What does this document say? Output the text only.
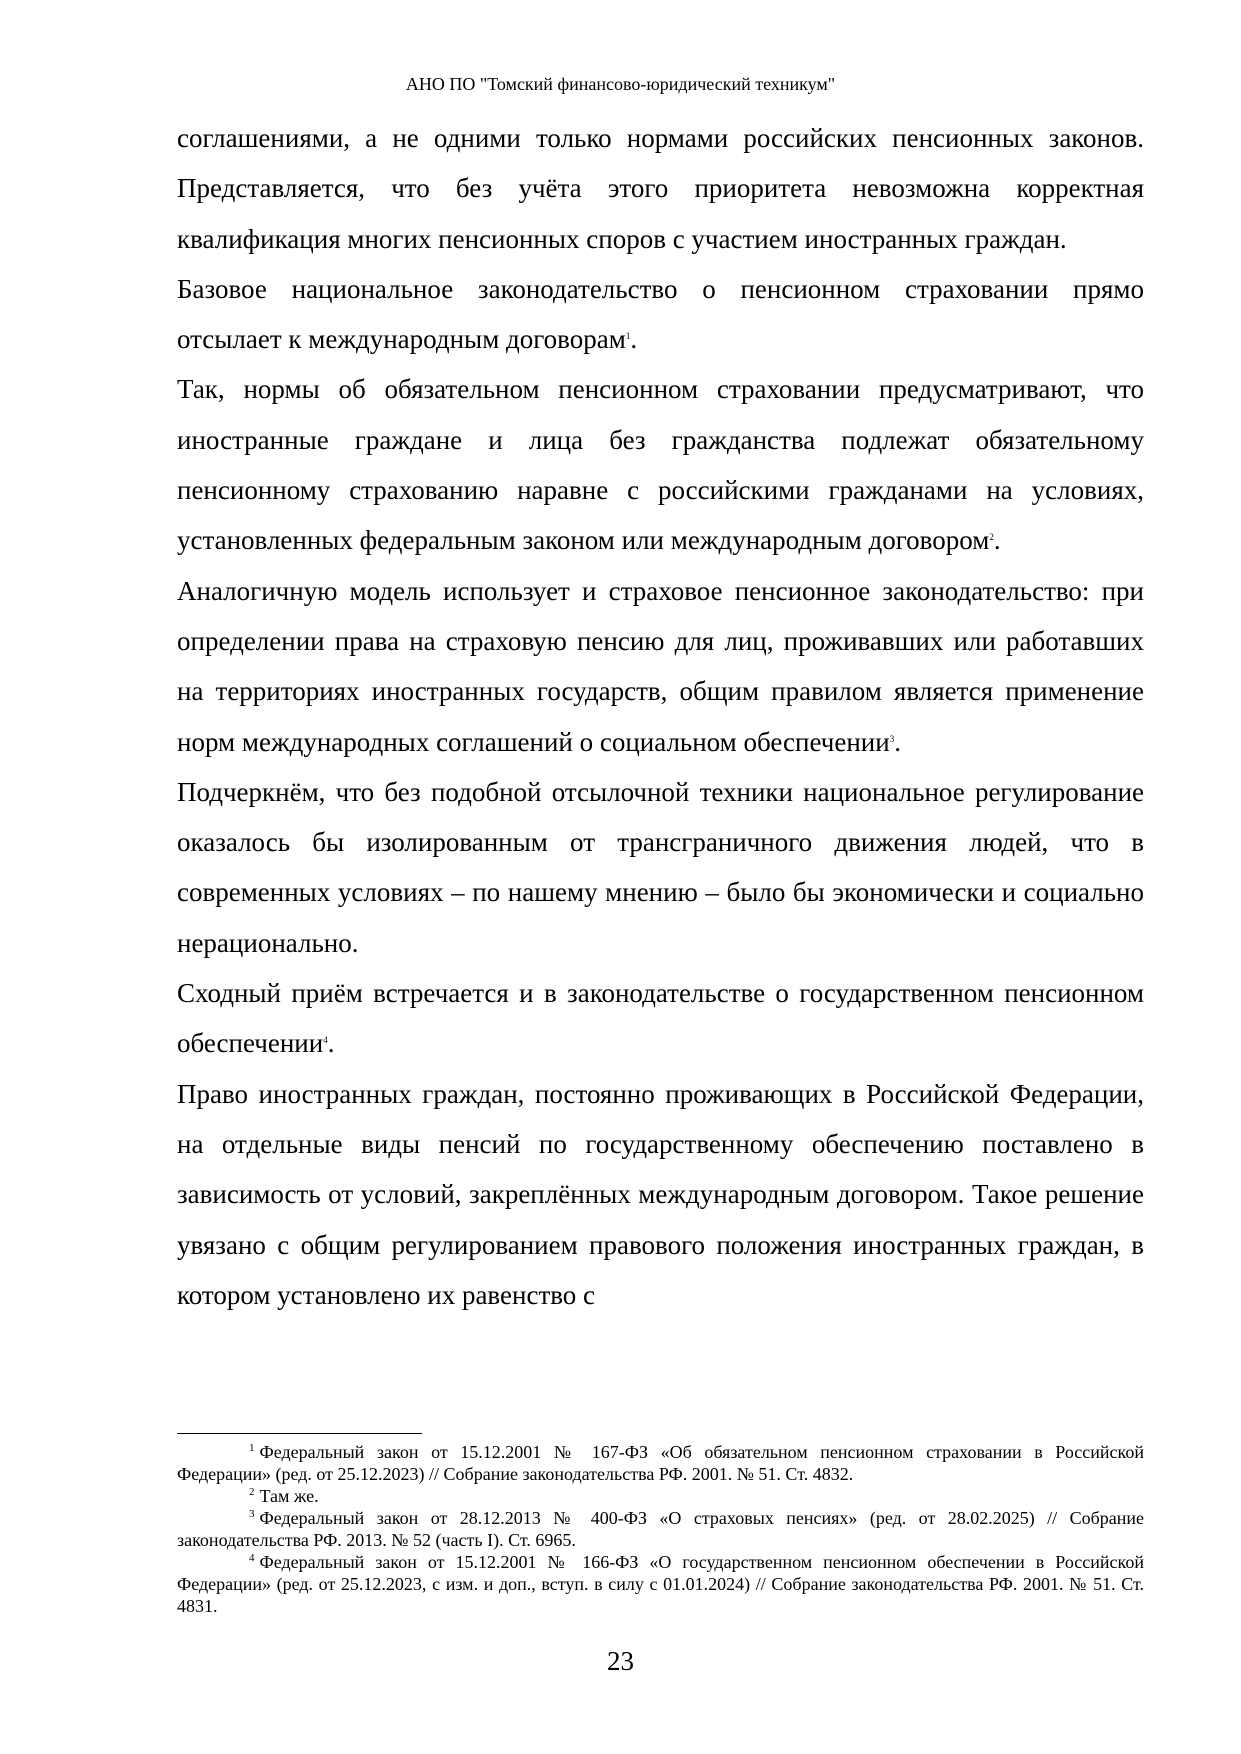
АНО ПО "Томский финансово-юридический техникум"

соглашениями, а не одними только нормами российских пенсионных законов. Представляется, что без учёта этого приоритета невозможна корректная квалификация многих пенсионных споров с участием иностранных граждан.

Базовое национальное законодательство о пенсионном страховании прямо отсылает к международным договорам$^1$.

Так, нормы об обязательном пенсионном страховании предусматривают, что иностранные граждане и лица без гражданства подлежат обязательному пенсионному страхованию наравне с российскими гражданами на условиях, установленных федеральным законом или международным договором$^2$.

Аналогичную модель использует и страховое пенсионное законодательство: при определении права на страховую пенсию для лиц, проживавших или работавших на территориях иностранных государств, общим правилом является применение норм международных соглашений о социальном обеспечении$^3$.

Подчеркнём, что без подобной отсылочной техники национальное регулирование оказалось бы изолированным от трансграничного движения людей, что в современных условиях – по нашему мнению – было бы экономически и социально нерационально.

Сходный приём встречается и в законодательстве о государственном пенсионном обеспечении$^4$.

Право иностранных граждан, постоянно проживающих в Российской Федерации, на отдельные виды пенсий по государственному обеспечению поставлено в зависимость от условий, закреплённых международным договором. Такое решение увязано с общим регулированием правового положения иностранных граждан, в котором установлено их равенство с

$^1$ Федеральный закон от 15.12.2001 № 167-ФЗ «Об обязательном пенсионном страховании в Российской Федерации» (ред. от 25.12.2023) // Собрание законодательства РФ. 2001. № 51. Ст. 4832.

$^2$ Там же.

$^3$ Федеральный закон от 28.12.2013 № 400-ФЗ «О страховых пенсиях» (ред. от 28.02.2025) // Собрание законодательства РФ. 2013. № 52 (часть I). Ст. 6965.

$^4$ Федеральный закон от 15.12.2001 № 166-ФЗ «О государственном пенсионном обеспечении в Российской Федерации» (ред. от 25.12.2023, с изм. и доп., вступ. в силу с 01.01.2024) // Собрание законодательства РФ. 2001. № 51. Ст. 4831.

23
